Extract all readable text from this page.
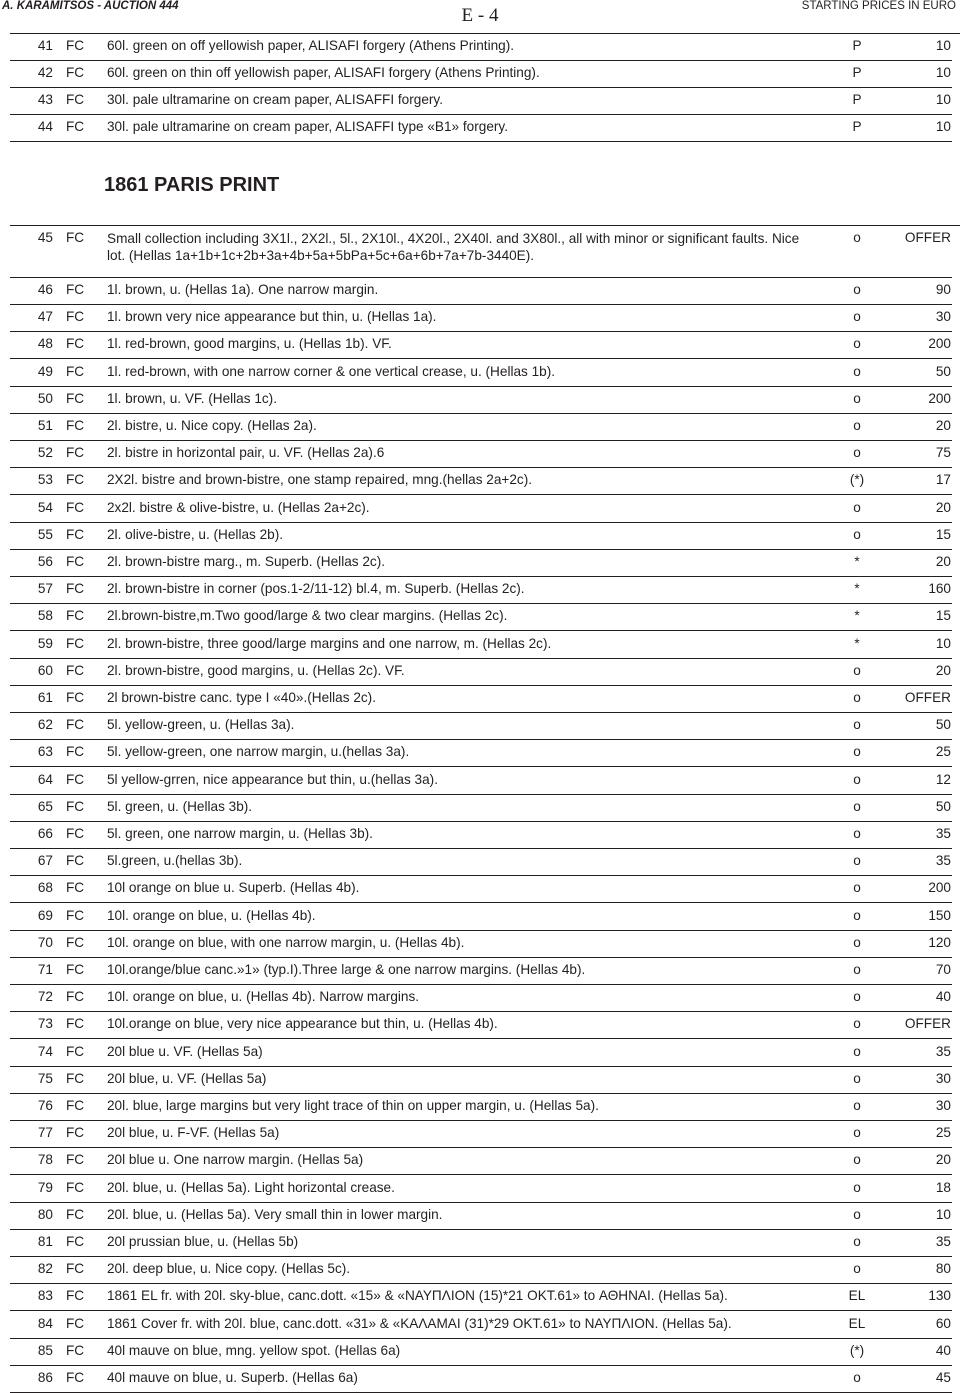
A. KARAMITSOS - AUCTION 444	E - 4	STARTING PRICES IN EURO
41 FC 60l. green on off yellowish paper, ALISAFI forgery (Athens Printing).	P	10
42 FC 60l. green on thin off yellowish paper, ALISAFI forgery (Athens Printing).	P	10
43 FC 30l. pale ultramarine on cream paper, ALISAFFI forgery.	P	10
44 FC 30l. pale ultramarine on cream paper, ALISAFFI type «B1» forgery.	P	10
1861 PARIS PRINT
45 FC Small collection including 3X1l., 2X2l., 5l., 2X10l., 4X20l., 2X40l. and 3X80l., all with minor or significant faults. Nice lot. (Hellas 1a+1b+1c+2b+3a+4b+5a+5bPa+5c+6a+6b+7a+7b-3440E).
o	OFFER
46 FC 1l. brown, u. (Hellas 1a). One narrow margin.	o	90
47 FC 1l. brown very nice appearance but thin, u. (Hellas 1a).	o	30
48 FC 1l. red-brown, good margins, u. (Hellas 1b). VF.	o	200
49 FC 1l. red-brown, with one narrow corner & one vertical crease, u. (Hellas 1b).	o	50
50 FC 1l. brown, u. VF. (Hellas 1c).	o	200
51 FC 2l. bistre, u. Nice copy. (Hellas 2a).	o	20
52 FC 2l. bistre in horizontal pair, u. VF. (Hellas 2a).6	o	75
53 FC 2X2l. bistre and brown-bistre, one stamp repaired, mng.(hellas 2a+2c).	(*)	17
54 FC 2x2l. bistre & olive-bistre, u. (Hellas 2a+2c).	o	20
55 FC 2l. olive-bistre, u. (Hellas 2b).	o	15
56 FC 2l. brown-bistre marg., m. Superb. (Hellas 2c).	*	20
57 FC 2l. brown-bistre in corner (pos.1-2/11-12) bl.4, m. Superb. (Hellas 2c).	*	160
58 FC 2l.brown-bistre,m.Two good/large & two clear margins. (Hellas 2c).	*	15
59 FC 2l. brown-bistre, three good/large margins and one narrow, m. (Hellas 2c).	*	10
60 FC 2l. brown-bistre, good margins, u. (Hellas 2c). VF.	o	20
61 FC 2l brown-bistre canc. type I «40».(Hellas 2c).	o	OFFER
62 FC 5l. yellow-green, u. (Hellas 3a).	o	50
63 FC 5l. yellow-green, one narrow margin, u.(hellas 3a).	o	25
64 FC 5l yellow-grren, nice appearance but thin, u.(hellas 3a).	o	12
65 FC 5l. green, u. (Hellas 3b).	o	50
66 FC 5l. green, one narrow margin, u. (Hellas 3b).	o	35
67 FC 5l.green, u.(hellas 3b).	o	35
68 FC 10l orange on blue u. Superb. (Hellas 4b).	o	200
69 FC 10l. orange on blue, u. (Hellas 4b).	o	150
70 FC 10l. orange on blue, with one narrow margin, u. (Hellas 4b).	o	120
71 FC 10l.orange/blue canc.»1» (typ.I).Three large & one narrow margins. (Hellas 4b).	o	70
72 FC 10l. orange on blue, u. (Hellas 4b). Narrow margins.	o	40
73 FC 10l.orange on blue, very nice appearance but thin, u. (Hellas 4b).	o	OFFER
74 FC 20l blue u. VF. (Hellas 5a)	o	35
75 FC 20l blue, u. VF. (Hellas 5a)	o	30
76 FC 20l. blue, large margins but very light trace of thin on upper margin, u. (Hellas 5a).	o	30
77 FC 20l blue, u. F-VF. (Hellas 5a)	o	25
78 FC 20l blue u. One narrow margin. (Hellas 5a)	o	20
79 FC 20l. blue, u. (Hellas 5a). Light horizontal crease.	o	18
80 FC 20l. blue, u. (Hellas 5a). Very small thin in lower margin.	o	10
81 FC 20l prussian blue, u. (Hellas 5b)	o	35
82 FC 20l. deep blue, u. Nice copy. (Hellas 5c).	o	80
83 FC 1861 EL fr. with 20l. sky-blue, canc.dott. «15» & «ΝΑΥΠΛΙΟΝ (15)*21 ΟΚΤ.61» to ΑΘΗΝΑΙ. (Hellas 5a).	EL	130
84 FC 1861 Cover fr. with 20l. blue, canc.dott. «31» & «ΚΑΛΑΜΑΙ (31)*29 ΟΚΤ.61» to ΝΑΥΠΛΙΟΝ. (Hellas 5a).	EL	60
85 FC 40l mauve on blue, mng. yellow spot. (Hellas 6a)	(*)	40
86 FC 40l mauve on blue, u. Superb. (Hellas 6a)	o	45
